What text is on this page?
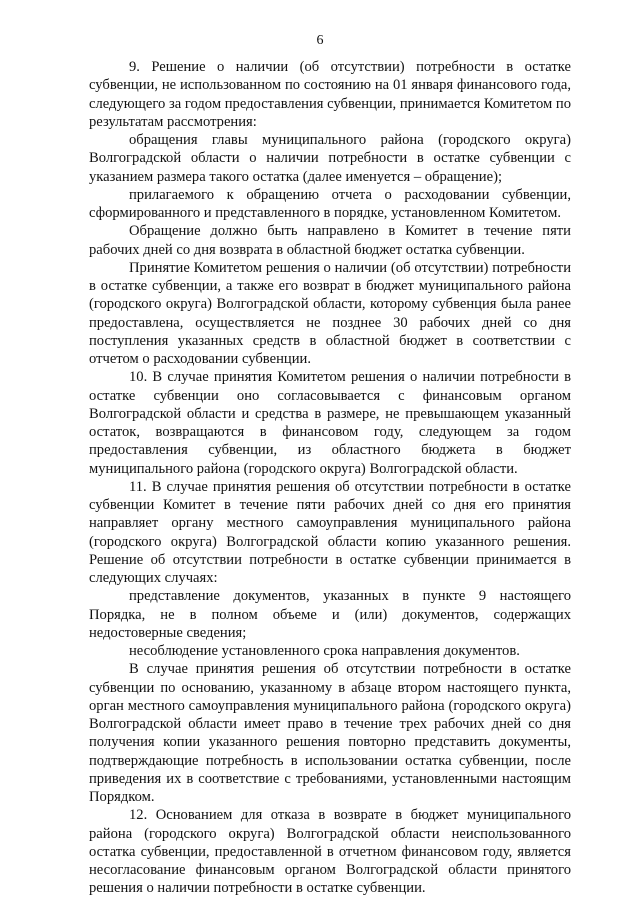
6

9. Решение о наличии (об отсутствии) потребности в остатке субвенции, не использованном по состоянию на 01 января финансового года, следующего за годом предоставления субвенции, принимается Комитетом по результатам рассмотрения:

обращения главы муниципального района (городского округа) Волгоградской области о наличии потребности в остатке субвенции с указанием размера такого остатка (далее именуется – обращение);

прилагаемого к обращению отчета о расходовании субвенции, сформированного и представленного в порядке, установленном Комитетом.

Обращение должно быть направлено в Комитет в течение пяти рабочих дней со дня возврата в областной бюджет остатка субвенции.

Принятие Комитетом решения о наличии (об отсутствии) потребности в остатке субвенции, а также его возврат в бюджет муниципального района (городского округа) Волгоградской области, которому субвенция была ранее предоставлена, осуществляется не позднее 30 рабочих дней со дня поступления указанных средств в областной бюджет в соответствии с отчетом о расходовании субвенции.

10. В случае принятия Комитетом решения о наличии потребности в остатке субвенции оно согласовывается с финансовым органом Волгоградской области и средства в размере, не превышающем указанный остаток, возвращаются в финансовом году, следующем за годом предоставления субвенции, из областного бюджета в бюджет муниципального района (городского округа) Волгоградской области.

11. В случае принятия решения об отсутствии потребности в остатке субвенции Комитет в течение пяти рабочих дней со дня его принятия направляет органу местного самоуправления муниципального района (городского округа) Волгоградской области копию указанного решения. Решение об отсутствии потребности в остатке субвенции принимается в следующих случаях:

представление документов, указанных в пункте 9 настоящего Порядка, не в полном объеме и (или) документов, содержащих недостоверные сведения;

несоблюдение установленного срока направления документов.

В случае принятия решения об отсутствии потребности в остатке субвенции по основанию, указанному в абзаце втором настоящего пункта, орган местного самоуправления муниципального района (городского округа) Волгоградской области имеет право в течение трех рабочих дней со дня получения копии указанного решения повторно представить документы, подтверждающие потребность в использовании остатка субвенции, после приведения их в соответствие с требованиями, установленными настоящим Порядком.

12. Основанием для отказа в возврате в бюджет муниципального района (городского округа) Волгоградской области неиспользованного остатка субвенции, предоставленной в отчетном финансовом году, является несогласование финансовым органом Волгоградской области принятого решения о наличии потребности в остатке субвенции.
